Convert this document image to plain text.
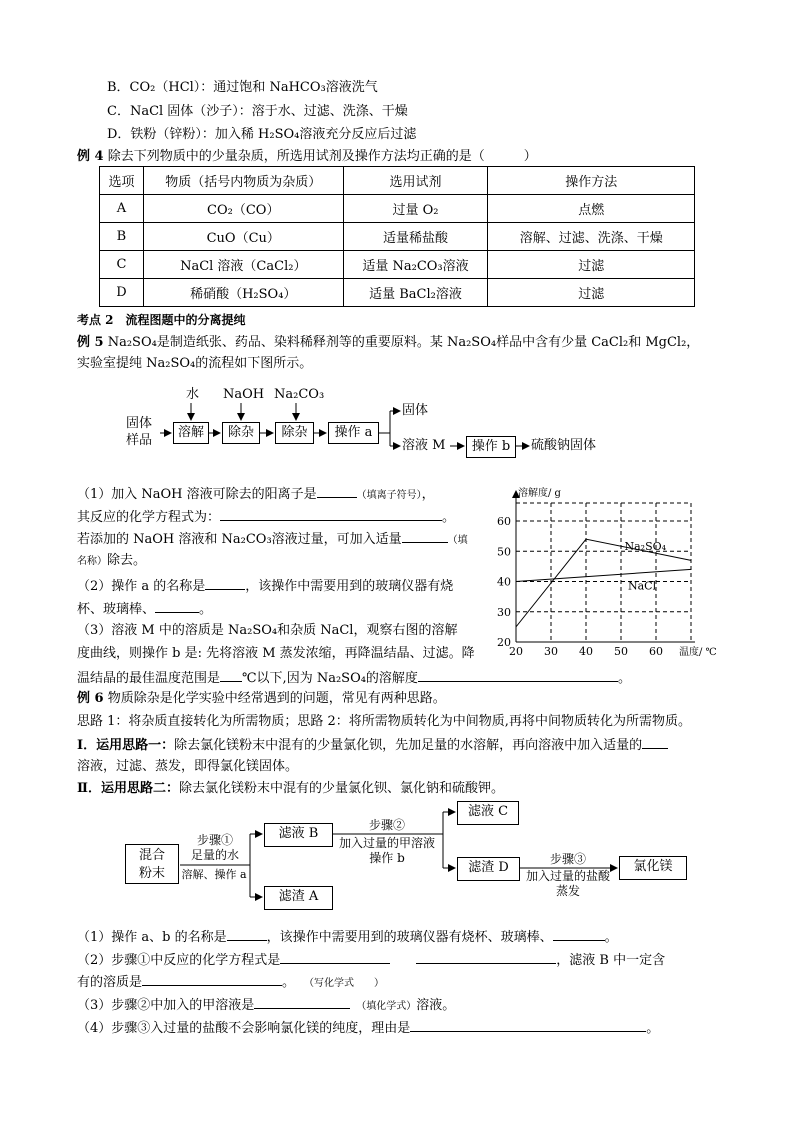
B．CO₂（HCl）：通过饱和 NaHCO₃溶液洗气
C．NaCl 固体（沙子）：溶于水、过滤、洗涤、干燥
D．铁粉（锌粉）：加入稀 H₂SO₄溶液充分反应后过滤
例 4 除去下列物质中的少量杂质，所选用试剂及操作方法均正确的是（　　　）
选项	物质（括号内物质为杂质）	选用试剂	操作方法
A	CO₂（CO）	过量 O₂	点燃
B	CuO（Cu）	适量稀盐酸	溶解、过滤、洗涤、干燥
C	NaCl 溶液（CaCl₂）	适量 Na₂CO₃溶液	过滤
D	稀硝酸（H₂SO₄）	适量 BaCl₂溶液	过滤
考点 2　流程图题中的分离提纯
例 5 Na₂SO₄是制造纸张、药品、染料稀释剂等的重要原料。某 Na₂SO₄样品中含有少量 CaCl₂和 MgCl₂，
实验室提纯 Na₂SO₄的流程如下图所示。
固体
样品
水 NaOH Na₂CO₃
溶解	除杂	除杂	操作 a
固体
溶液 M	操作 b	硫酸钠固体
（1）加入 NaOH 溶液可除去的阳离子是	（填离子符号），
其反应的化学方程式为：	。
若添加的 NaOH 溶液和 Na₂CO₃溶液过量，可加入适量	（填
名称）除去。
（2）操作 a 的名称是	，该操作中需要用到的玻璃仪器有烧
杯、玻璃棒、	。
（3）溶液 M 中的溶质是 Na₂SO₄和杂质 NaCl，观察右图的溶解
度曲线，则操作 b 是: 先将溶液 M 蒸发浓缩，再降温结晶、过滤。降
温结晶的最佳温度范围是 ℃以下,因为 Na₂SO₄的溶解度	。
20
30
40
50
60
20 30 40 50 60
溶解度/ g
温度/ ℃
Na₂SO₄
NaCl
例 6 物质除杂是化学实验中经常遇到的问题，常见有两种思路。
思路 1：将杂质直接转化为所需物质；思路 2：将所需物质转化为中间物质,再将中间物质转化为所需物质。
Ⅰ．运用思路一：除去氯化镁粉末中混有的少量氯化钡，先加足量的水溶解，再向溶液中加入适量的
溶液，过滤、蒸发，即得氯化镁固体。
Ⅱ．运用思路二：除去氯化镁粉末中混有的少量氯化钡、氯化钠和硫酸钾。
混合
粉末
步骤①
足量的水
溶解、操作 a
滤液 B
滤渣 A
步骤②
加入过量的甲溶液
操作 b
滤液 C
滤渣 D
步骤③
加入过量的盐酸
蒸发
氯化镁
（1）操作 a、b 的名称是	，该操作中需要用到的玻璃仪器有烧杯、玻璃棒、	。
（2）步骤①中反应的化学方程式是	，滤液 B 中一定含
有的溶质是	。 （写化学式　　）
（3）步骤②中加入的甲溶液是	（填化学式）溶液。
（4）步骤③入过量的盐酸不会影响氯化镁的纯度，理由是	。
